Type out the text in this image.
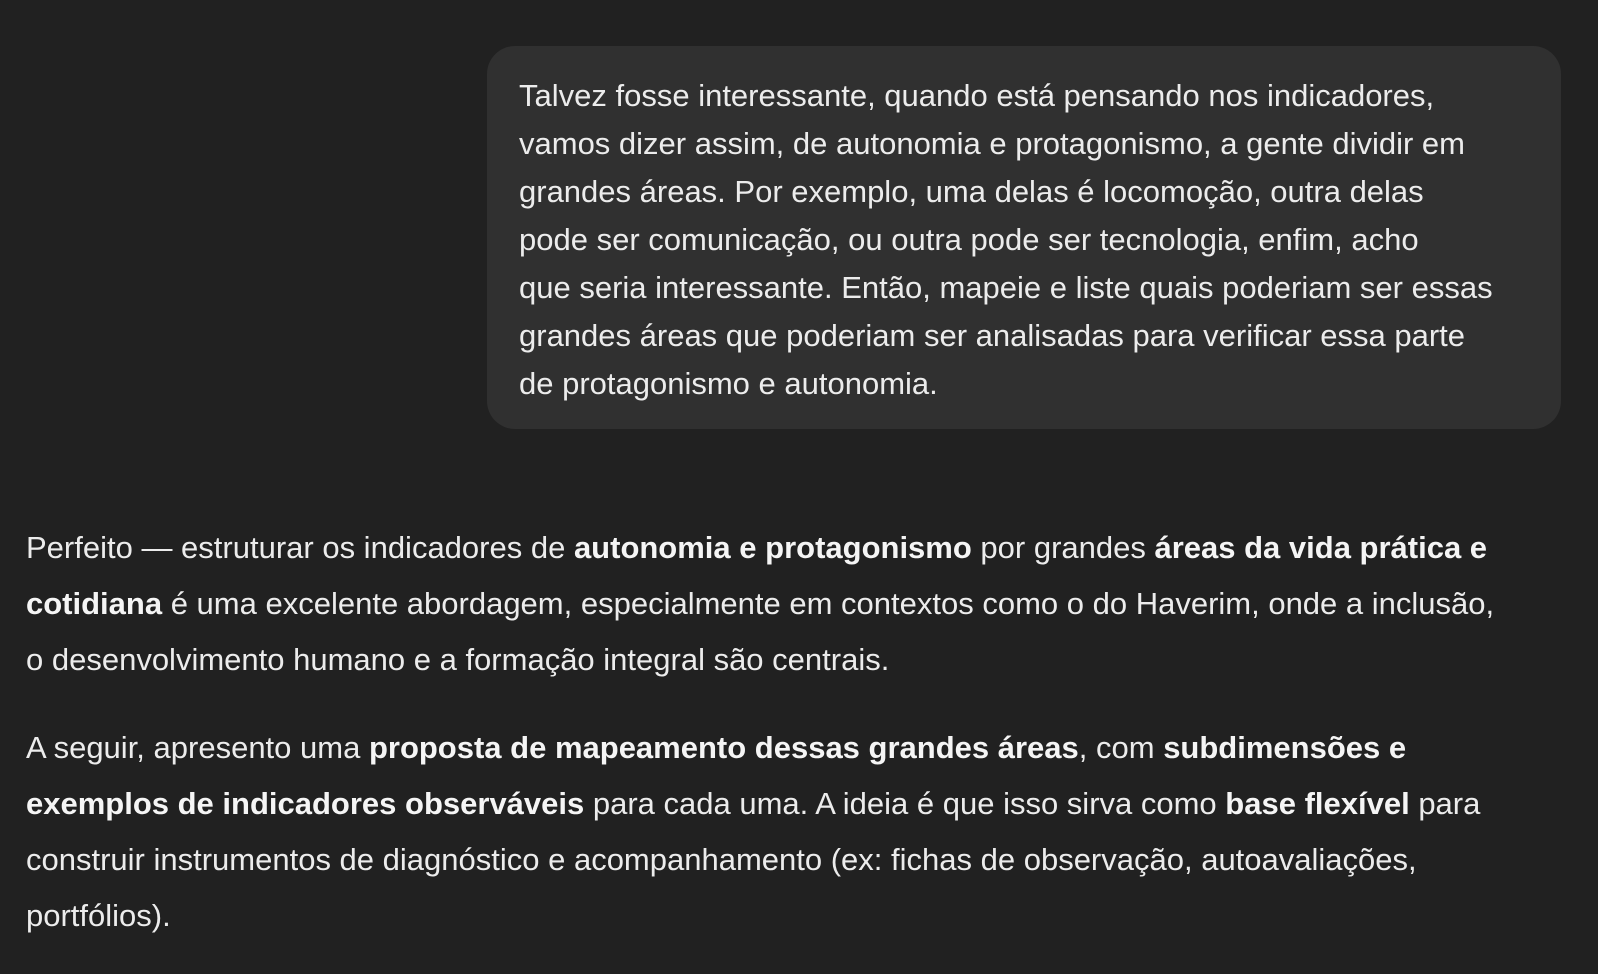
Talvez fosse interessante, quando está pensando nos indicadores,
vamos dizer assim, de autonomia e protagonismo, a gente dividir em
grandes áreas. Por exemplo, uma delas é locomoção, outra delas
pode ser comunicação, ou outra pode ser tecnologia, enfim, acho
que seria interessante. Então, mapeie e liste quais poderiam ser essas
grandes áreas que poderiam ser analisadas para verificar essa parte
de protagonismo e autonomia.

Perfeito — estruturar os indicadores de autonomia e protagonismo por grandes áreas da vida prática e
cotidiana é uma excelente abordagem, especialmente em contextos como o do Haverim, onde a inclusão,
o desenvolvimento humano e a formação integral são centrais.

A seguir, apresento uma proposta de mapeamento dessas grandes áreas, com subdimensões e
exemplos de indicadores observáveis para cada uma. A ideia é que isso sirva como base flexível para
construir instrumentos de diagnóstico e acompanhamento (ex: fichas de observação, autoavaliações,
portfólios).
